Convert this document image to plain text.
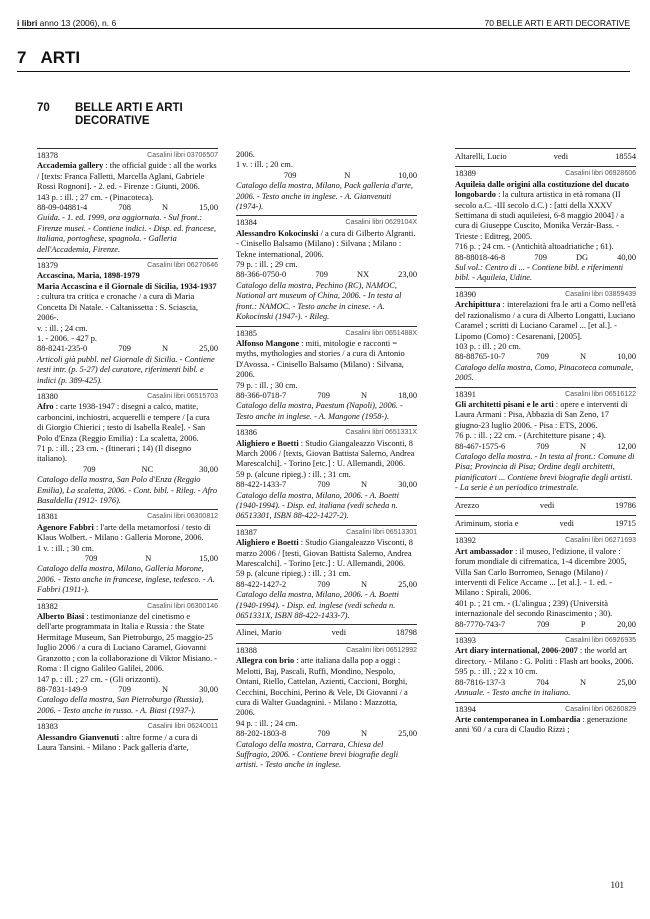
i libri anno 13 (2006), n. 6	70 BELLE ARTI E ARTI DECORATIVE
7 ARTI
70 BELLE ARTI E ARTI DECORATIVE
18378	Casalini libri 03706507
Accademia gallery : the official guide : all the works / [texts: Franca Falletti, Marcella Aglani, Gabriele Rossi Rognoni]. - 2. ed. - Firenze : Giunti, 2006.
143 p. : ill. ; 27 cm. - (Pinacoteca).
88-09-04881-4	708	N	15,00
Guida. - 1. ed. 1999, ora aggiornata. - Sul front.: Firenze musei. - Contiene indici. - Disp. ed. francese, italiana, portoghese, spagnola. - Galleria dell'Accademia, Firenze.
18379	Casalini libri 06270646
Accascina, Maria, 1898-1979
Maria Accascina e il Giornale di Sicilia, 1934-1937 : cultura tra critica e cronache / a cura di Maria Concetta Di Natale. - Caltanissetta : S. Sciascia, 2006-.
v. : ill. ; 24 cm.
1. - 2006. - 427 p.
88-8241-235-0	709	N	25,00
Articoli già pubbl. nel Giornale di Sicilia. - Contiene testi intr. (p. 5-27) del curatore, riferimenti bibl. e indici (p. 389-425).
18380	Casalini libri 06515703
Afro : carte 1938-1947 : disegni a calco, matite, carboncini, inchiostri, acquerelli e tempere / [a cura di Giorgio Chierici ; testo di Isabella Reale]. - San Polo d'Enza (Reggio Emilia) : La scaletta, 2006.
71 p. : ill. ; 23 cm. - (Itinerari ; 14) (Il disegno italiano).
709	NC	30,00
Catalogo della mostra, San Polo d'Enza (Reggio Emilia), La scaletta, 2006. - Cont. bibl. - Rileg. - Afro Basaldella (1912- 1976).
18381	Casalini libri 06300812
Agenore Fabbri : l'arte della metamorfosi / testo di Klaus Wolbert. - Milano : Galleria Morone, 2006.
1 v. : ill. ; 30 cm.
709	N	15,00
Catalogo della mostra, Milano, Galleria Morone, 2006. - Testo anche in francese, inglese, tedesco. - A. Fabbri (1911-).
18382	Casalini libri 06300146
Alberto Biasi : testimonianze del cinetismo e dell'arte programmata in Italia e Russia : the State Hermitage Museum, San Pietroburgo, 25 maggio-25 luglio 2006 / a cura di Luciano Caramel, Giovanni Granzotto ; con la collaborazione di Viktor Misiano. - Roma : Il cigno Galileo Galilei, 2006.
147 p. : ill. ; 27 cm. - (Gli orizzonti).
88-7831-149-9	709	N	30,00
Catalogo della mostra, San Pietroburgo (Russia), 2006. - Testo anche in russo. - A. Biasi (1937-).
18383	Casalini libri 06240011
Alessandro Gianvenuti : altre forme / a cura di Laura Tansini. - Milano : Pack galleria d'arte,
2006.
1 v. : ill. ; 20 cm.
709	N	10,00
Catalogo della mostra, Milano, Pack galleria d'arte, 2006. - Testo anche in inglese. - A. Gianvenuti (1974-).
18384	Casalini libri 0629104X
Alessandro Kokocinski / a cura di Gilberto Algranti. - Cinisello Balsamo (Milano) : Silvana ; Milano : Tekne international, 2006.
79 p. : ill. ; 29 cm.
88-366-0750-0	709	NX	23,00
Catalogo della mostra, Pechino (RC), NAMOC, National art museum of China, 2006. - In testa al front.: NAMOC. - Testo anche in cinese. - A. Kokocinski (1947-). - Rileg.
18385	Casalini libri 0651488X
Alfonso Mangone : miti, mitologie e racconti = myths, mythologies and stories / a cura di Antonio D'Avossa. - Cinisello Balsamo (Milano) : Silvana, 2006.
79 p. : ill. ; 30 cm.
88-366-0718-7	709	N	18,00
Catalogo della mostra, Paestum (Napoli), 2006. - Testo anche in inglese. - A. Mangone (1958-).
18386	Casalini libri 0651331X
Alighiero e Boetti : Studio Giangaleazzo Visconti, 8 March 2006 / [texts, Giovan Battista Salerno, Andrea Marescalchi]. - Torino [etc.] : U. Allemandi, 2006.
59 p. (alcune ripieg.) : ill. ; 31 cm.
88-422-1433-7	709	N	30,00
Catalogo della mostra, Milano, 2006. - A. Boetti (1940-1994). - Disp. ed. italiana (vedi scheda n. 06513301, ISBN 88-422-1427-2).
18387	Casalini libri 06513301
Alighiero e Boetti : Studio Giangaleazzo Visconti, 8 marzo 2006 / [testi, Giovan Battista Salerno, Andrea Marescalchi]. - Torino [etc.] : U. Allemandi, 2006.
59 p. (alcune ripieg.) : ill. ; 31 cm.
88-422-1427-2	709	N	25,00
Catalogo della mostra, Milano, 2006. - A. Boetti (1940-1994). - Disp. ed. inglese (vedi scheda n. 0651331X, ISBN 88-422-1433-7).
Alinei, Mario	vedi	18798
18388	Casalini libri 06512992
Allegra con brio : arte italiana dalla pop a oggi : Melotti, Baj, Pascali, Ruffi, Mondino, Nespolo, Ontani, Riello, Cattelan, Azienti, Caccioni, Borghi, Cecchini, Bocchini, Perino & Vele, Di Giovanni / a cura di Walter Guadagnini. - Milano : Mazzotta, 2006.
94 p. : ill. ; 24 cm.
88-202-1803-8	709	N	25,00
Catalogo della mostra, Carrara, Chiesa del Suffragio, 2006. - Contiene brevi biografie degli artisti. - Testo anche in inglese.
Altarelli, Lucio	vedi	18554
18389	Casalini libri 06928606
Aquileia dalle origini alla costituzione del ducato longobardo : la cultura artistica in età romana (II secolo a.C. -III secolo d.C.) : [atti della XXXV Settimana di studi aquileiesi, 6-8 maggio 2004] / a cura di Giuseppe Cuscito, Monika Verzár-Bass. - Trieste : Editreg, 2005.
716 p. ; 24 cm. - (Antichità altoadriatiche ; 61).
88-88018-46-8	709	DG	40,00
Sul vol.: Centro di ... - Contiene bibl. e riferimenti bibl. - Aquileia, Udine.
18390	Casalini libri 03859439
Archipittura : interelazioni fra le arti a Como nell'età del razionalismo / a cura di Alberto Longatti, Luciano Caramel ; scritti di Luciano Caramel ... [et al.]. - Lipomo (Como) : Cesarenani, [2005].
103 p. : ill. ; 20 cm.
88-88765-10-7	709	N	10,00
Catalogo della mostra, Como, Pinacoteca comunale, 2005.
18391	Casalini libri 06516122
Gli architetti pisani e le arti : opere e interventi di Laura Armani : Pisa, Abbazia di San Zeno, 17 giugno-23 luglio 2006. - Pisa : ETS, 2006.
76 p. : ill. ; 22 cm. - (Architetture pisane ; 4).
88-467-1575-6	709	N	12,00
Catalogo della mostra. - In testa al front.: Comune di Pisa; Provincia di Pisa; Ordine degli architetti, pianificatori ... Contiene brevi biografie degli artisti. - La serie è un periodico trimestrale.
Arezzo	vedi	19786
Ariminum, storia e	vedi	19715
18392	Casalini libri 06271693
Art ambassador : il museo, l'edizione, il valore : forum mondiale di cifrematica, 1-4 dicembre 2005, Villa San Carlo Borromeo, Senago (Milano) / interventi di Felice Accame ... [et al.]. - 1. ed. - Milano : Spirali, 2006.
401 p. ; 21 cm. - (L'alingua ; 239) (Università internazionale del secondo Rinascimento ; 30).
88-7770-743-7	709	P	20,00
18393	Casalini libri 06926935
Art diary international, 2006-2007 : the world art directory. - Milano : G. Politi : Flash art books, 2006.
595 p. : ill. ; 22 x 10 cm.
88-7816-137-3	704	N	25,00
Annuale. - Testo anche in italiano.
18394	Casalini libri 06260829
Arte contemporanea in Lombardia : generazione anni '60 / a cura di Claudio Rizzi ;
101
